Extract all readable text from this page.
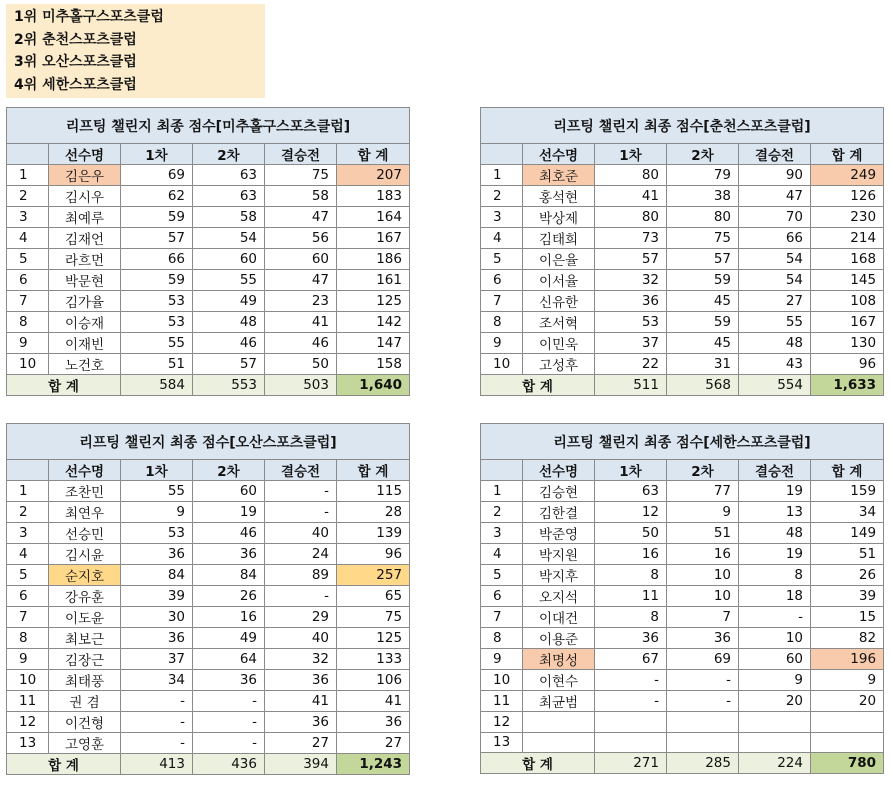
1위 미추홀구스포츠클럽
2위 춘천스포츠클럽
3위 오산스포츠클럽
4위 세한스포츠클럽
리프팅 챌린지 최종 점수[미추홀구스포츠클럽]					
	선수명	1차	2차	결승전	합 계
1	김은우	69	63	75	207
2	김시우	62	63	58	183
3	최예루	59	58	47	164
4	김재언	57	54	56	167
5	라흐먼	66	60	60	186
6	박문현	59	55	47	161
7	김가율	53	49	23	125
8	이승재	53	48	41	142
9	이재빈	55	46	46	147
10	노건호	51	57	50	158
합 계		584	553	503	1,640
리프팅 챌린지 최종 점수[춘천스포츠클럽]					
	선수명	1차	2차	결승전	합 계
1	최호준	80	79	90	249
2	홍석현	41	38	47	126
3	박상제	80	80	70	230
4	김태희	73	75	66	214
5	이은율	57	57	54	168
6	이서율	32	59	54	145
7	신유한	36	45	27	108
8	조서혁	53	59	55	167
9	이민욱	37	45	48	130
10	고성후	22	31	43	96
합 계		511	568	554	1,633
리프팅 챌린지 최종 점수[오산스포츠클럽]					
	선수명	1차	2차	결승전	합 계
1	조찬민	55	60	-	115
2	최연우	9	19	-	28
3	선승민	53	46	40	139
4	김시윤	36	36	24	96
5	순지호	84	84	89	257
6	강유훈	39	26	-	65
7	이도윤	30	16	29	75
8	최보근	36	49	40	125
9	김장근	37	64	32	133
10	최태풍	34	36	36	106
11	권 겸	-	-	41	41
12	이건형	-	-	36	36
13	고영훈	-	-	27	27
합 계		413	436	394	1,243
리프팅 챌린지 최종 점수[세한스포츠클럽]					
	선수명	1차	2차	결승전	합 계
1	김승현	63	77	19	159
2	김한결	12	9	13	34
3	박준영	50	51	48	149
4	박지원	16	16	19	51
5	박지후	8	10	8	26
6	오지석	11	10	18	39
7	이대건	8	7	-	15
8	이용준	36	36	10	82
9	최명성	67	69	60	196
10	이현수	-	-	9	9
11	최균범	-	-	20	20
12					
13					
합 계		271	285	224	780
